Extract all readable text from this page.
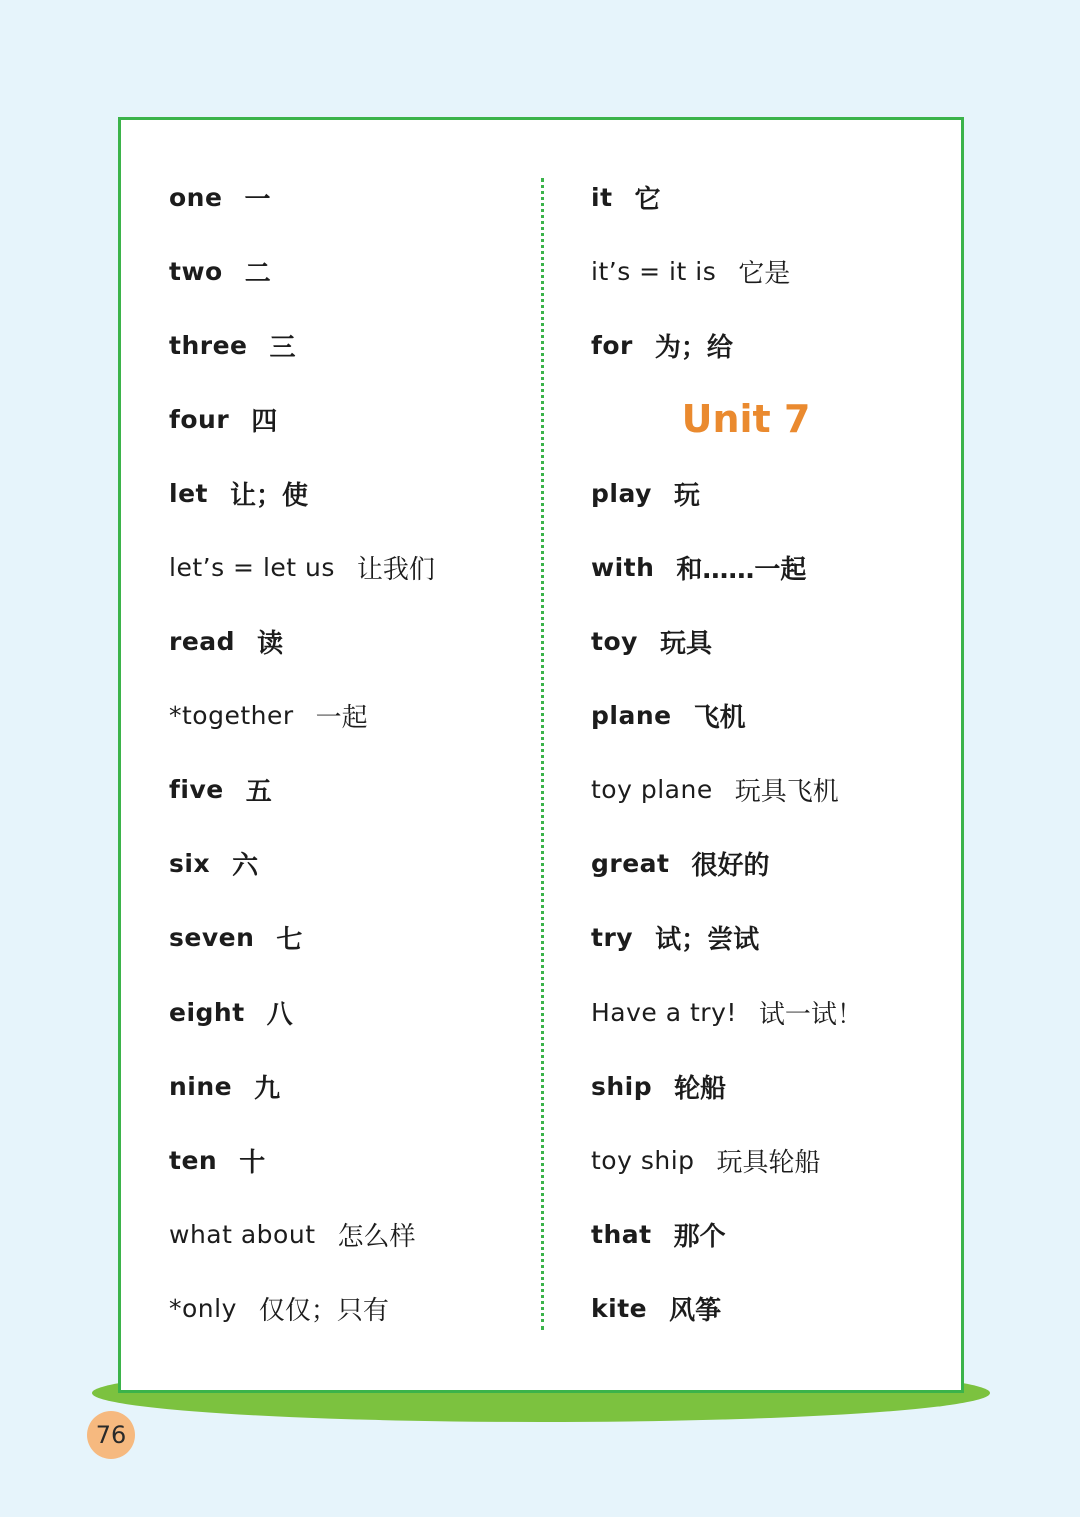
one 一
two 二
three 三
four 四
let 让；使
let’s = let us 让我们
read 读
*together 一起
five 五
six 六
seven 七
eight 八
nine 九
ten 十
what about 怎么样
*only 仅仅；只有
it 它
it’s = it is 它是
for 为；给
Unit 7
play 玩
with 和……一起
toy 玩具
plane 飞机
toy plane 玩具飞机
great 很好的
try 试；尝试
Have a try! 试一试！
ship 轮船
toy ship 玩具轮船
that 那个
kite 风筝
76
